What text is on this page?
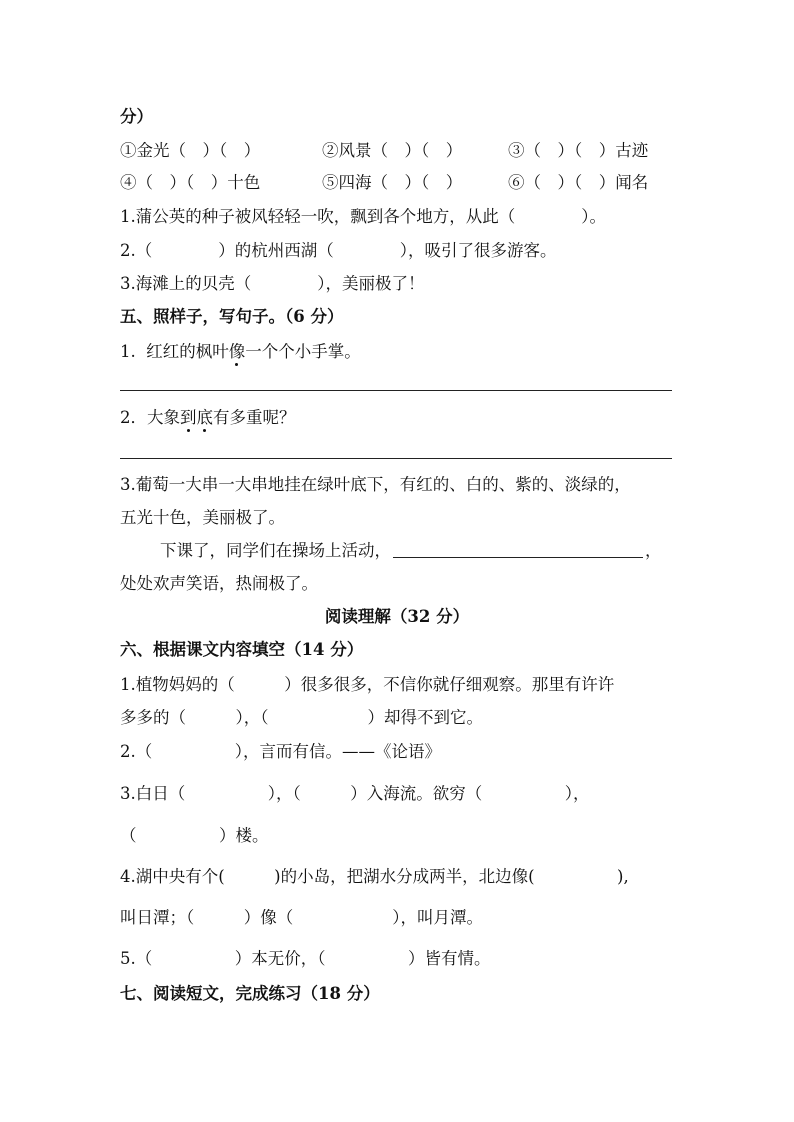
分）
①金光（　）（　）	②风景（　）（　）	③（　）（　）古迹
④（　）（　）十色	⑤四海（　）（　）	⑥（　）（　）闻名
1.蒲公英的种子被风轻轻一吹，飘到各个地方，从此（　　　　）。
2.（　　　　）的杭州西湖（　　　　），吸引了很多游客。
3.海滩上的贝壳（　　　　），美丽极了！
五、照样子，写句子。（6 分）
1.  红红的枫叶像一个个小手掌。
2．大象到底有多重呢？
3.葡萄一大串一大串地挂在绿叶底下，有红的、白的、紫的、淡绿的，
五光十色，美丽极了。
下课了，同学们在操场上活动，	，
处处欢声笑语，热闹极了。
阅读理解（32 分）
六、根据课文内容填空（14 分）
1.植物妈妈的（　　　）很多很多，不信你就仔细观察。那里有许许
多多的（　　　），（　　　　　　）却得不到它。
2.（　　　　　），言而有信。——《论语》
3.白日（　　　　　），（　　　）入海流。欲穷（　　　　　），
（　　　　　）楼。
4.湖中央有个(　　　)的小岛，把湖水分成两半，北边像(　　　　　),
叫日潭；（　　　）像（　　　　　　），叫月潭。
5.（　　　　　）本无价，（　　　　　）皆有情。
七、阅读短文，完成练习（18 分）
